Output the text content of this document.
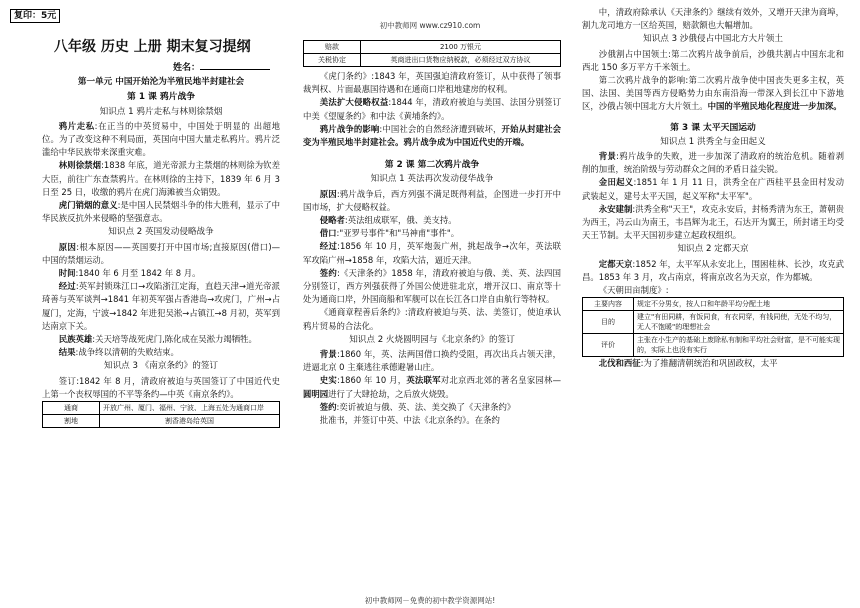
复印：5元
初中教师网 www.cz910.com
八年级 历史 上册 期末复习提纲
姓名：
第一单元 中国开始沦为半殖民地半封建社会
第 1 课 鸦片战争
知识点 1 鸦片走私与林则徐禁烟

鸦片走私:在正当的中英贸易中，中国处于明显的 出超地位。为了改变这种不利局面，英国向中国大量走私鸦片。鸦片泛滥给中华民族带来深重灾难。

林则徐禁烟:1838 年底，道光帝派力主禁烟的林则徐为钦差大臣，前往广东查禁鸦片。在林则徐的主持下，1839 年 6 月 3 日至 25 日，收缴的鸦片在虎门海滩被当众销毁。

虎门销烟的意义:是中国人民禁烟斗争的伟大胜利，显示了中华民族反抗外来侵略的坚强意志。

知识点 2 英国发动侵略战争

原因:根本原因——英国要打开中国市场;直接原因(借口)—中国的禁烟运动。

时间:1840 年 6 月至 1842 年 8 月。

经过:英军封锁珠江口→攻陷浙江定海，直趋天津→道光帝派琦善与英军谈判→1841 年初英军强占香港岛→攻虎门，广州→占厦门，定海，宁波→1842 年进犯吴淞→占镇江→8 月初，英军到达南京下关。

民族英雄:关天培等战死虎门,陈化成在吴淞力竭牺牲。

结果:战争终以清朝的失败结束。

知识点 3 《南京条约》的签订

签订:1842 年 8 月，清政府被迫与英国签订了中国近代史上第一个丧权辱国的不平等条约—中英《南京条约》。

通商	开放广州、厦门、福州、宁波、上海五处为通商口岸
割地	割香港岛给英国
赔款	2100 万银元
关税协定	英商进出口货物应纳税款，必须经过双方协议

《虎门条约》:1843 年，英国强迫清政府签订，从中获得了领事裁判权、片面最惠国待遇和在通商口岸租地建房的权利。

美法扩大侵略权益:1844 年，清政府被迫与美国、法国分别签订中美《望厦条约》和中法《黄埔条约》。

鸦片战争的影响:中国社会的自然经济遭到破坏，开始从封建社会变为半殖民地半封建社会。鸦片战争成为中国近代史的开端。

第 2 课 第二次鸦片战争
知识点 1 英法再次发动侵华战争

原因:鸦片战争后，西方列强不满足既得利益，企图进一步打开中国市场，扩大侵略权益。

侵略者:英法组成联军，俄、美支持。

借口:"亚罗号事件"和"马神甫"事件"。

经过:1856 年 10 月，英军炮轰广州，挑起战争→次年，英法联军攻陷广州→1858 年，攻陷大沽，逼近天津。

签约:《天津条约》1858 年，清政府被迫与俄、美、英、法四国分别签订，西方列强获得了外国公使进驻北京，增开汉口、南京等十处为通商口岸，外国商船和军舰可以在长江各口岸自由航行等特权。

《通商章程善后条约》:清政府被迫与英、法、美签订，使迫承认鸦片贸易的合法化。

知识点 2 火烧圆明园与《北京条约》的签订

背景:1860 年，英、法两国借口换约受阻，再次出兵占领天津，进逼北京 0 主棄逃往承德避暑山庄。

史实:1860 年 10 月，英法联军对北京西北郊的著名皇家园林—圆明园进行了大肆抢劫，之后放火烧毁。

签约:奕䜣被迫与俄、英、法、美交换了《天津条约》

批准书，并签订中英、中法《北京条约》。在条约

中，清政府除承认《天津条约》继续有效外，又增开天津为商埠，割九龙司地方一区给英国，赔款额也大幅增加。

知识点 3 沙俄侵占中国北方大片领土

沙俄割占中国领土:第二次鸦片战争前后，沙俄共割占中国东北和西北 150 多万平方千米领土。

第二次鸦片战争的影响:第二次鸦片战争使中国丧失更多主权，英国、法国、美国等西方侵略势力由东南沿海一带深入到长江中下游地区，沙俄占领中国北方大片领土。中国的半殖民地化程度进一步加深。

第 3 课 太平天国运动
知识点 1 洪秀全与金田起义

背景:鸦片战争的失败，进一步加深了清政府的统治危机。随着剥削的加重，统治阶级与劳动群众之间的矛盾日益尖锐。

金田起义:1851 年 1 月 11 日，洪秀全在广西桂平县金田村发动武装起义，建号太平天国，起义军称"太平军"。

永安建制:洪秀全称"天王"，攻克永安后，封杨秀清为东王，萧朝贵为西王，冯云山为南王，韦昌辉为北王，石达开为翼王，所封诸王均受天王节制。太平天国初步建立起政权组织。

知识点 2 定都天京

定都天京:1852 年，太平军从永安北上，围困桂林、长沙，攻克武昌。1853 年 3 月，攻占南京，将南京改名为天京，作为都城。

《天朝田亩制度》:

主要内容	规定不分男女，按人口和年龄平均分配土地
目的	建立"有田同耕，有饭同食，有衣同穿，有钱同使，无处不均匀，无人不饱暖"的理想社会
评价	主张在小生产的基础上废除私有制和平均社会财富，是不可能实现的，实际上也没有实行

北伐和西征:为了推翻清朝统治和巩固政权，太平

初中教师网－免费的初中教学资源网站!
